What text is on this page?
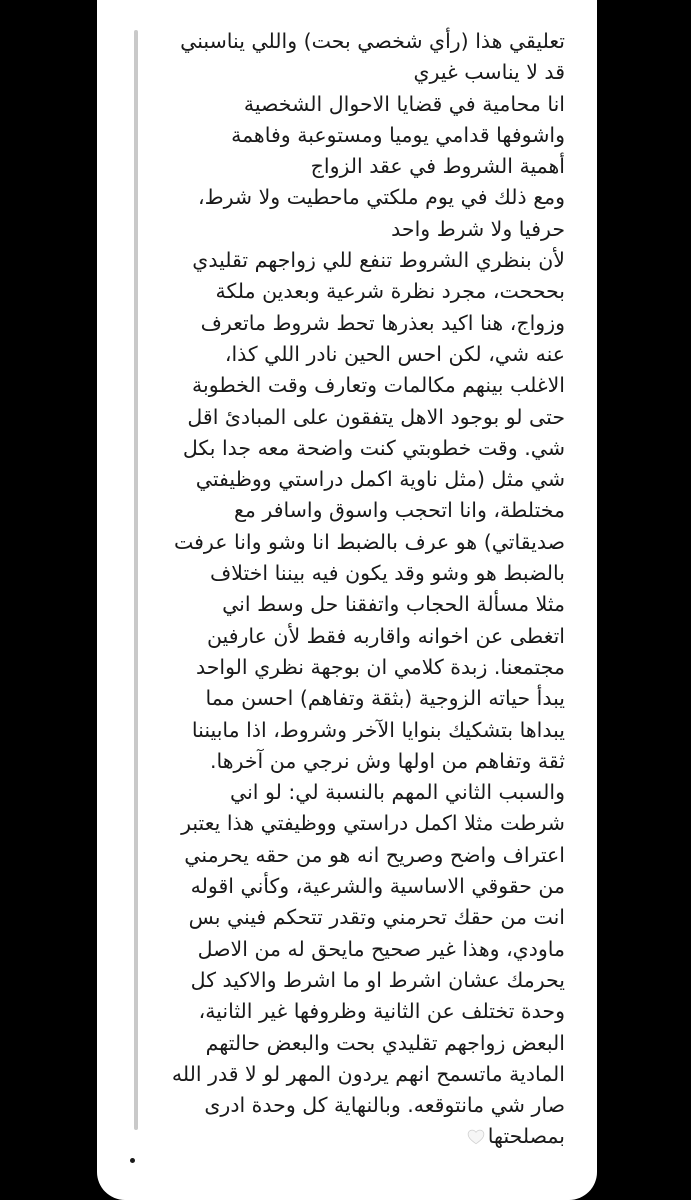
تعليقي هذا (رأي شخصي بحت) واللي يناسبني
قد لا يناسب غيري
انا محامية في قضايا الاحوال الشخصية
واشوفها قدامي يوميا ومستوعبة وفاهمة
أهمية الشروط في عقد الزواج
ومع ذلك في يوم ملكتي ماحطيت ولا شرط،
حرفيا ولا شرط واحد
لأن بنظري الشروط تنفع للي زواجهم تقليدي
بحححت، مجرد نظرة شرعية وبعدين ملكة
وزواج، هنا اكيد بعذرها تحط شروط ماتعرف
عنه شي، لكن احس الحين نادر اللي كذا،
الاغلب بينهم مكالمات وتعارف وقت الخطوبة
حتى لو بوجود الاهل يتفقون على المبادئ اقل
شي. وقت خطوبتي كنت واضحة معه جدا بكل
شي مثل (مثل ناوية اكمل دراستي ووظيفتي
مختلطة، وانا اتحجب واسوق واسافر مع
صديقاتي) هو عرف بالضبط انا وشو وانا عرفت
بالضبط هو وشو وقد يكون فيه بيننا اختلاف
مثلا مسألة الحجاب واتفقنا حل وسط اني
اتغطى عن اخوانه واقاربه فقط لأن عارفين
مجتمعنا. زبدة كلامي ان بوجهة نظري الواحد
يبدأ حياته الزوجية (بثقة وتفاهم) احسن مما
يبداها بتشكيك بنوايا الآخر وشروط، اذا مابيننا
ثقة وتفاهم من اولها وش نرجي من آخرها.
والسبب الثاني المهم بالنسبة لي: لو اني
شرطت مثلا اكمل دراستي ووظيفتي هذا يعتبر
اعتراف واضح وصريح انه هو من حقه يحرمني
من حقوقي الاساسية والشرعية، وكأني اقوله
انت من حقك تحرمني وتقدر تتحكم فيني بس
ماودي، وهذا غير صحيح مايحق له من الاصل
يحرمك عشان اشرط او ما اشرط والاكيد كل
وحدة تختلف عن الثانية وظروفها غير الثانية،
البعض زواجهم تقليدي بحت والبعض حالتهم
المادية ماتسمح انهم يردون المهر لو لا قدر الله
صار شي مانتوقعه. وبالنهاية كل وحدة ادرى
بمصلحتها
